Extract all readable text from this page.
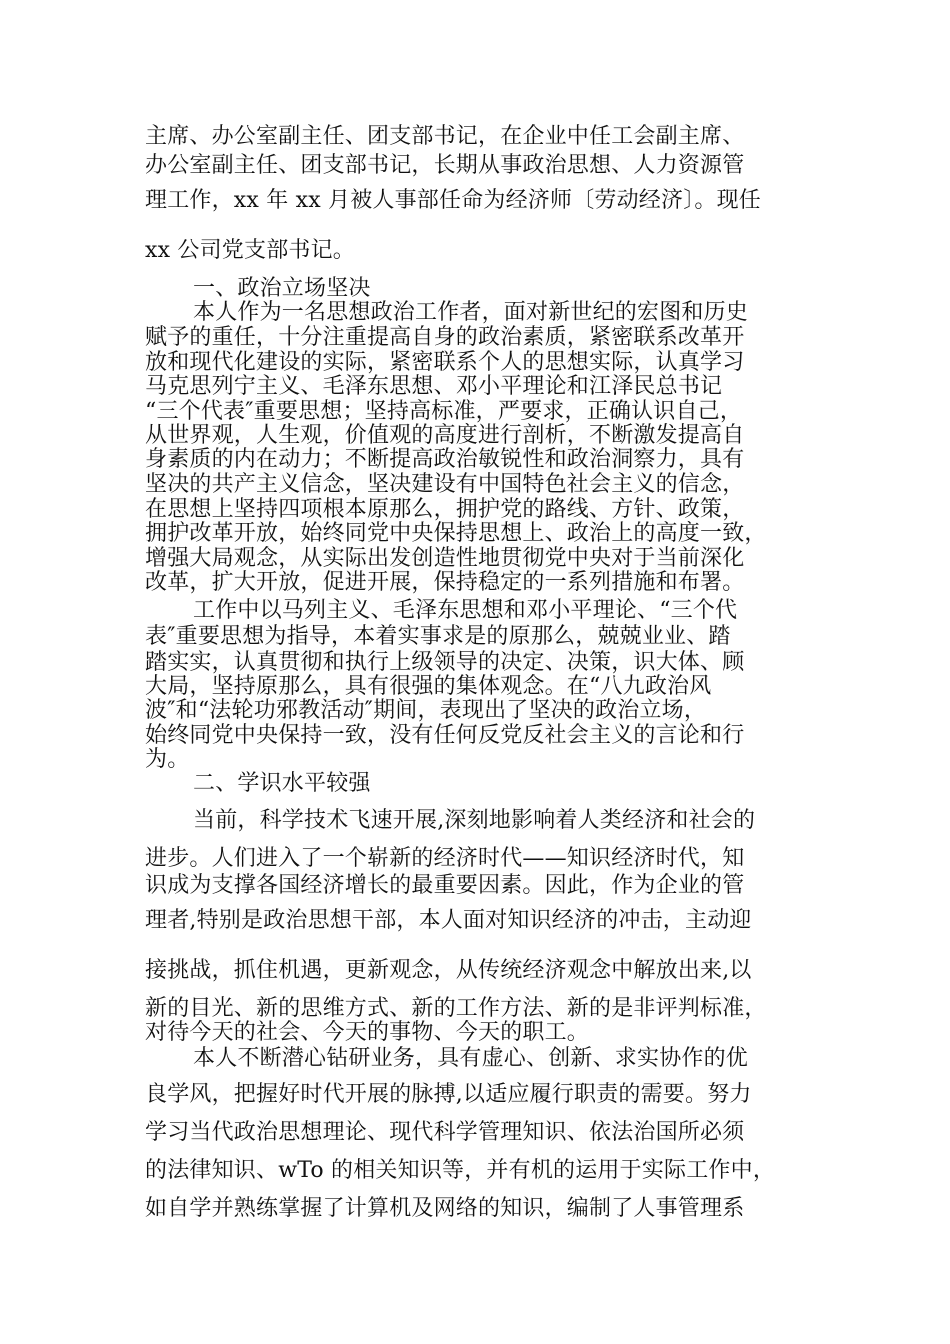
主席、办公室副主任、团支部书记，在企业中任工会副主席、
办公室副主任、团支部书记，长期从事政治思想、人力资源管
理工作，xx 年 xx 月被人事部任命为经济师〔劳动经济〕。现任
xx 公司党支部书记。
一、政治立场坚决
本人作为一名思想政治工作者，面对新世纪的宏图和历史
赋予的重任，十分注重提高自身的政治素质，紧密联系改革开
放和现代化建设的实际，紧密联系个人的思想实际，认真学习
马克思列宁主义、毛泽东思想、邓小平理论和江泽民总书记
“三个代表″重要思想；坚持高标准，严要求，正确认识自己，
从世界观，人生观，价值观的高度进行剖析，不断激发提高自
身素质的内在动力；不断提高政治敏锐性和政治洞察力，具有
坚决的共产主义信念，坚决建设有中国特色社会主义的信念，
在思想上坚持四项根本原那么，拥护党的路线、方针、政策，
拥护改革开放，始终同党中央保持思想上、政治上的高度一致，
增强大局观念，从实际出发创造性地贯彻党中央对于当前深化
改革，扩大开放，促进开展，保持稳定的一系列措施和布署。
工作中以马列主义、毛泽东思想和邓小平理论、“三个代
表″重要思想为指导，本着实事求是的原那么，兢兢业业、踏
踏实实，认真贯彻和执行上级领导的决定、决策，识大体、顾
大局，坚持原那么，具有很强的集体观念。在“八九政治风
波″和“法轮功邪教活动″期间，表现出了坚决的政治立场，
始终同党中央保持一致，没有任何反党反社会主义的言论和行
为。
二、学识水平较强
当前，科学技术飞速开展,深刻地影响着人类经济和社会的
进步。人们进入了一个崭新的经济时代——知识经济时代，知
识成为支撑各国经济增长的最重要因素。因此，作为企业的管
理者,特别是政治思想干部，本人面对知识经济的冲击，主动迎
接挑战，抓住机遇，更新观念，从传统经济观念中解放出来,以
新的目光、新的思维方式、新的工作方法、新的是非评判标准，
对待今天的社会、今天的事物、今天的职工。
本人不断潜心钻研业务，具有虚心、创新、求实协作的优
良学风，把握好时代开展的脉搏,以适应履行职责的需要。努力
学习当代政治思想理论、现代科学管理知识、依法治国所必须
的法律知识、wTo 的相关知识等，并有机的运用于实际工作中，
如自学并熟练掌握了计算机及网络的知识，编制了人事管理系
